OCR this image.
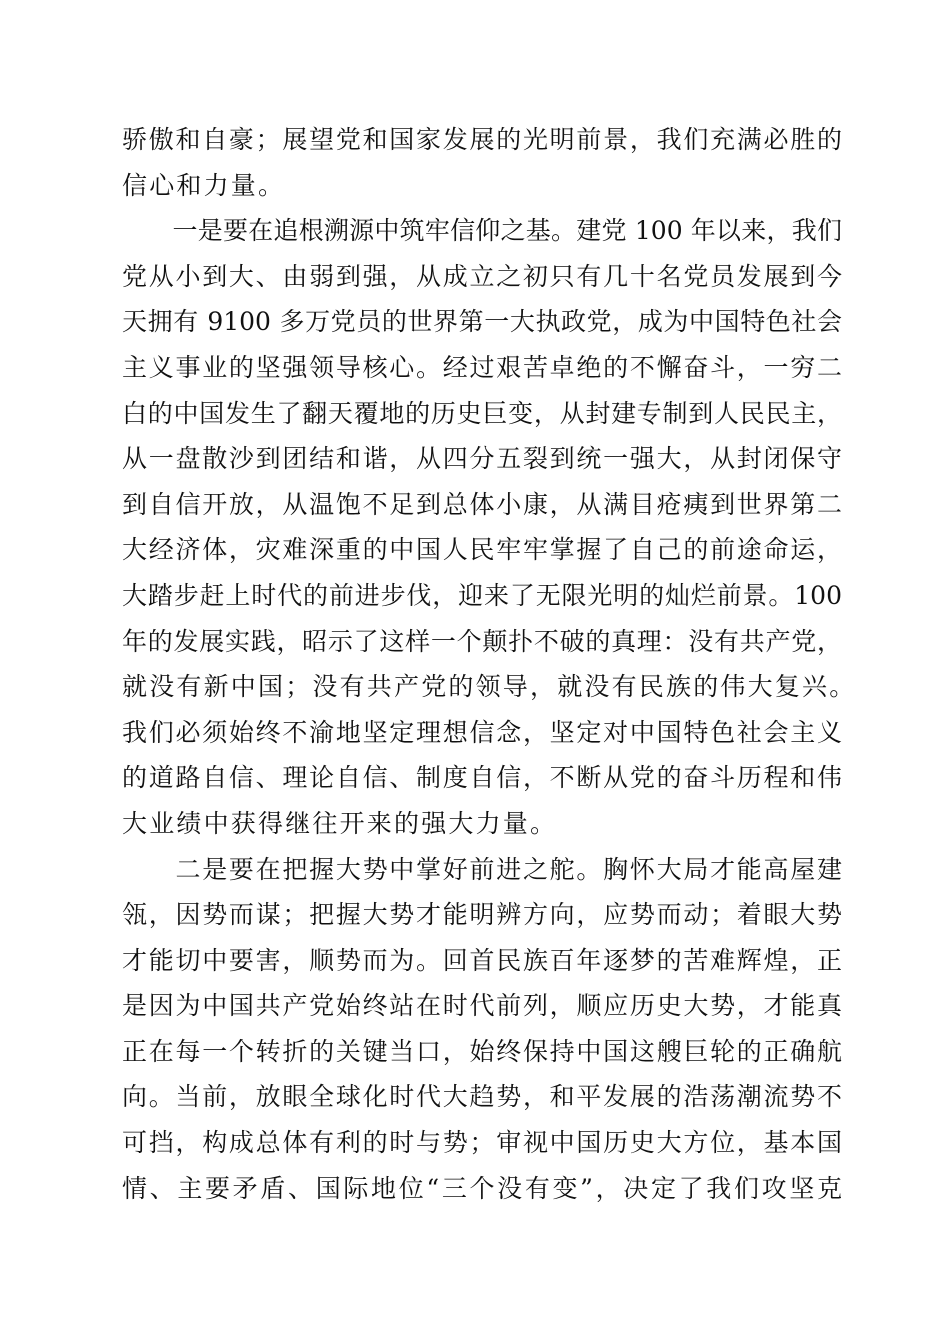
骄傲和自豪；展望党和国家发展的光明前景，我们充满必胜的
信心和力量。
　　一是要在追根溯源中筑牢信仰之基。建党 100 年以来，我们
党从小到大、由弱到强，从成立之初只有几十名党员发展到今
天拥有 9100 多万党员的世界第一大执政党，成为中国特色社会
主义事业的坚强领导核心。经过艰苦卓绝的不懈奋斗，一穷二
白的中国发生了翻天覆地的历史巨变，从封建专制到人民民主，
从一盘散沙到团结和谐，从四分五裂到统一强大，从封闭保守
到自信开放，从温饱不足到总体小康，从满目疮痍到世界第二
大经济体，灾难深重的中国人民牢牢掌握了自己的前途命运，
大踏步赶上时代的前进步伐，迎来了无限光明的灿烂前景。100
年的发展实践，昭示了这样一个颠扑不破的真理：没有共产党，
就没有新中国；没有共产党的领导，就没有民族的伟大复兴。
我们必须始终不渝地坚定理想信念，坚定对中国特色社会主义
的道路自信、理论自信、制度自信，不断从党的奋斗历程和伟
大业绩中获得继往开来的强大力量。
　　二是要在把握大势中掌好前进之舵。胸怀大局才能高屋建
瓴，因势而谋；把握大势才能明辨方向，应势而动；着眼大势
才能切中要害，顺势而为。回首民族百年逐梦的苦难辉煌，正
是因为中国共产党始终站在时代前列，顺应历史大势，才能真
正在每一个转折的关键当口，始终保持中国这艘巨轮的正确航
向。当前，放眼全球化时代大趋势，和平发展的浩荡潮流势不
可挡，构成总体有利的时与势；审视中国历史大方位，基本国
情、主要矛盾、国际地位“三个没有变”，决定了我们攻坚克
